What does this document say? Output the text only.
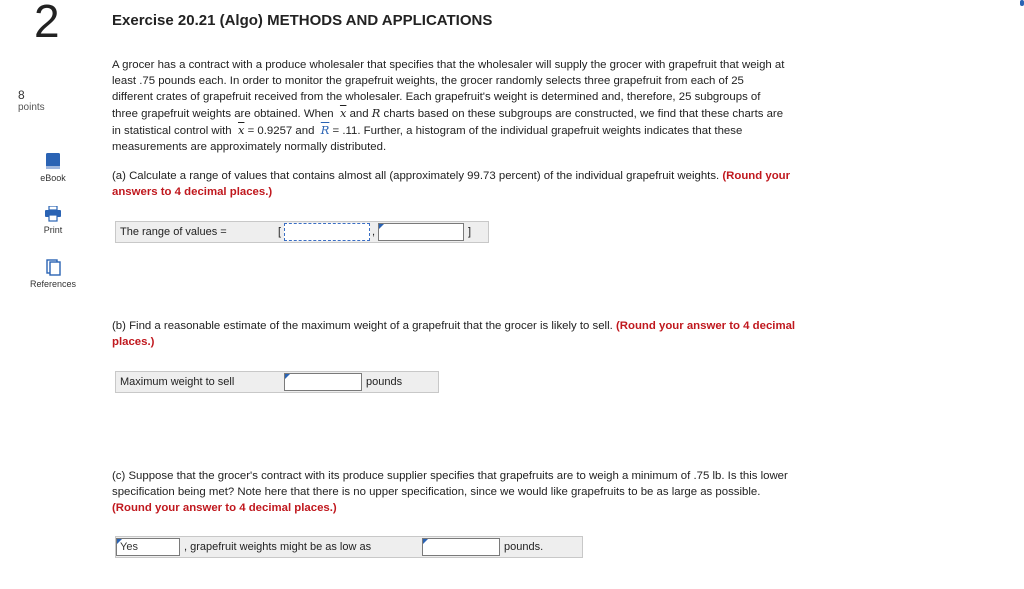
2
8
points
eBook
Print
References
Exercise 20.21 (Algo) METHODS AND APPLICATIONS
A grocer has a contract with a produce wholesaler that specifies that the wholesaler will supply the grocer with grapefruit that weigh at
least .75 pounds each. In order to monitor the grapefruit weights, the grocer randomly selects three grapefruit from each of 25
different crates of grapefruit received from the wholesaler. Each grapefruit's weight is determined and, therefore, 25 subgroups of
three grapefruit weights are obtained. When $\overline{x}$ and R charts based on these subgroups are constructed, we find that these charts are
in statistical control with $\overline{x} = 0.9257$ and $\overline{R} = .11$. Further, a histogram of the individual grapefruit weights indicates that these
measurements are approximately normally distributed.
(a) Calculate a range of values that contains almost all (approximately 99.73 percent) of the individual grapefruit weights. (Round your
answers to 4 decimal places.)
The range of values =	[	,	]
(b) Find a reasonable estimate of the maximum weight of a grapefruit that the grocer is likely to sell. (Round your answer to 4 decimal
places.)
Maximum weight to sell	pounds
(c) Suppose that the grocer's contract with its produce supplier specifies that grapefruits are to weigh a minimum of .75 lb. Is this lower
specification being met? Note here that there is no upper specification, since we would like grapefruits to be as large as possible.
(Round your answer to 4 decimal places.)
Yes	, grapefruit weights might be as low as	pounds.
